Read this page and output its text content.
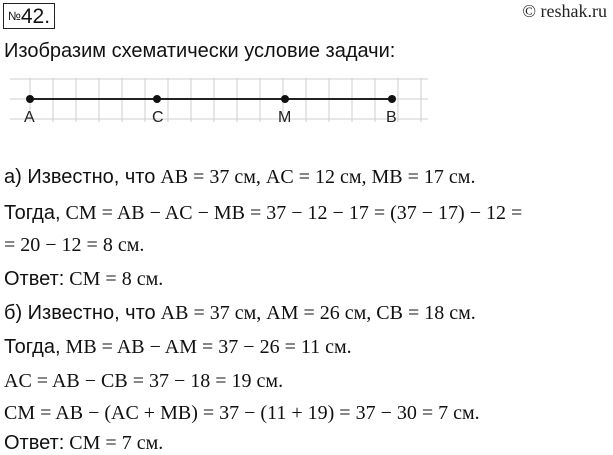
№42.	© reshak.ru
Изобразим схематически условие задачи:
A	C	M	B
а) Известно, что AB = 37 см, AC = 12 см, MB = 17 см.
Тогда, CM = AB − AC − MB = 37 − 12 − 17 = (37 − 17) − 12 =
= 20 − 12 = 8 см.
Ответ: CM = 8 см.
б) Известно, что AB = 37 см, AM = 26 см, CB = 18 см.
Тогда, MB = AB − AM = 37 − 26 = 11 см.
AC = AB − CB = 37 − 18 = 19 см.
CM = AB − (AC + MB) = 37 − (11 + 19) = 37 − 30 = 7 см.
Ответ: CM = 7 см.
